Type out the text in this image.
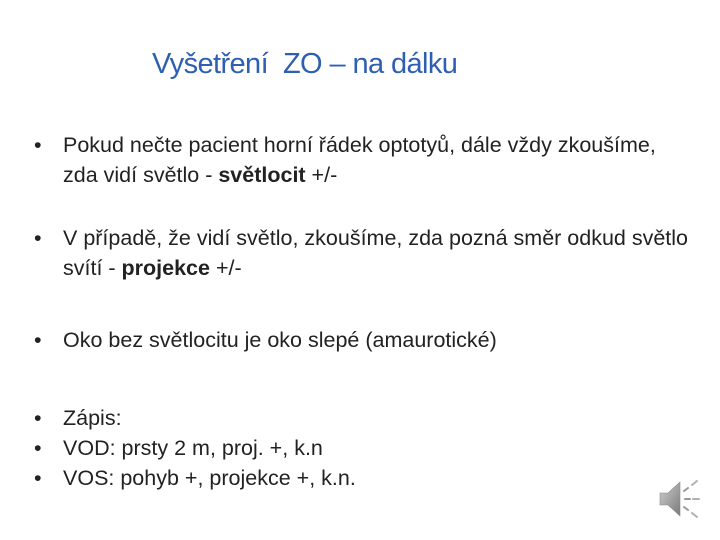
Vyšetření  ZO – na dálku
• Pokud nečte pacient horní řádek optotyů, dále vždy zkoušíme, zda vidí světlo - světlocit +/-
• V případě, že vidí světlo, zkoušíme, zda pozná směr odkud světlo svítí - projekce +/-
• Oko bez světlocitu je oko slepé (amaurotické)
• Zápis:
• VOD: prsty 2 m, proj. +, k.n
• VOS: pohyb +, projekce +, k.n.
